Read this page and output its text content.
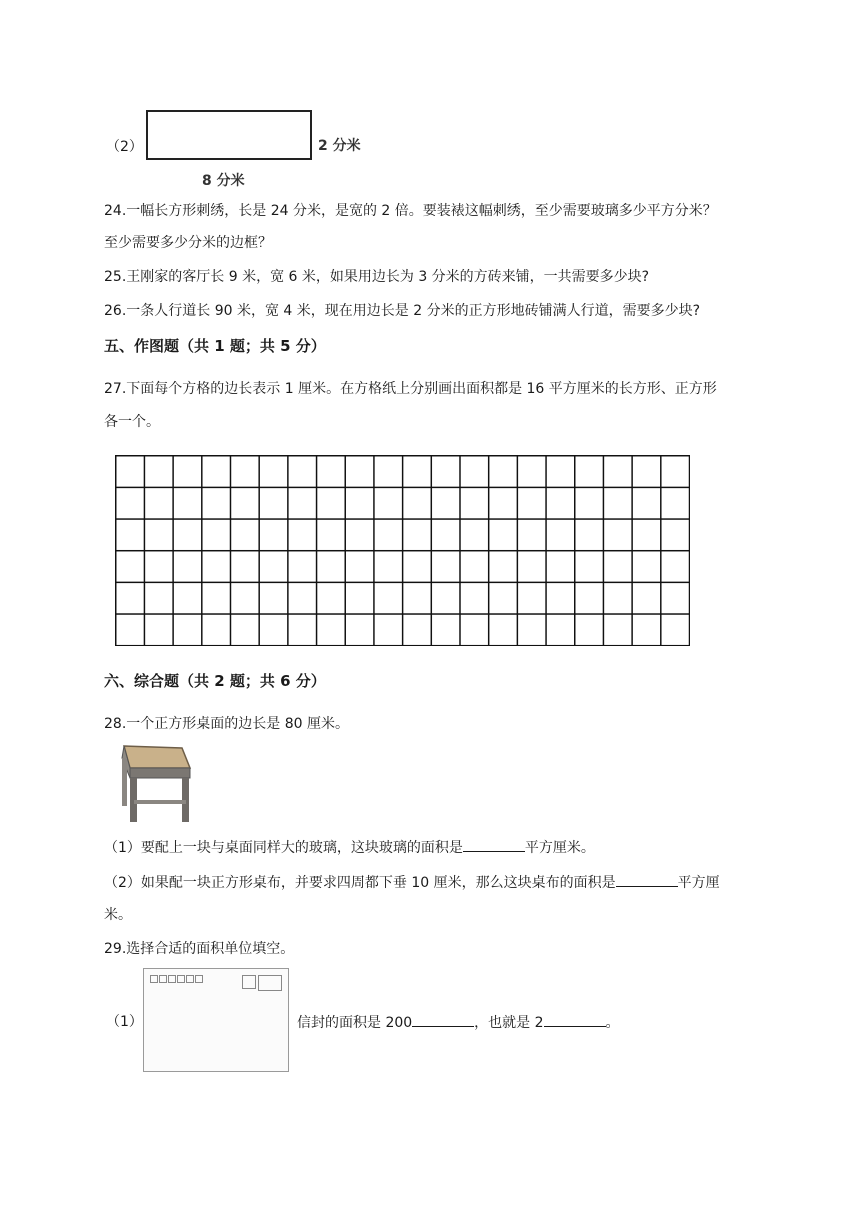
（2）	2 分米
8 分米
24.一幅长方形刺绣，长是 24 分米，是宽的 2 倍。要装裱这幅刺绣，至少需要玻璃多少平方分米？
至少需要多少分米的边框？
25.王刚家的客厅长 9 米，宽 6 米，如果用边长为 3 分米的方砖来铺，一共需要多少块?
26.一条人行道长 90 米，宽 4 米，现在用边长是 2 分米的正方形地砖铺满人行道，需要多少块?
五、作图题（共 1 题；共 5 分）
27.下面每个方格的边长表示 1 厘米。在方格纸上分别画出面积都是 16 平方厘米的长方形、正方形
各一个。
六、综合题（共 2 题；共 6 分）
28.一个正方形桌面的边长是 80 厘米。
（1）要配上一块与桌面同样大的玻璃，这块玻璃的面积是	平方厘米。
（2）如果配一块正方形桌布，并要求四周都下垂 10 厘米，那么这块桌布的面积是	平方厘
米。
29.选择合适的面积单位填空。
（1）	信封的面积是 200	，也就是 2	。
